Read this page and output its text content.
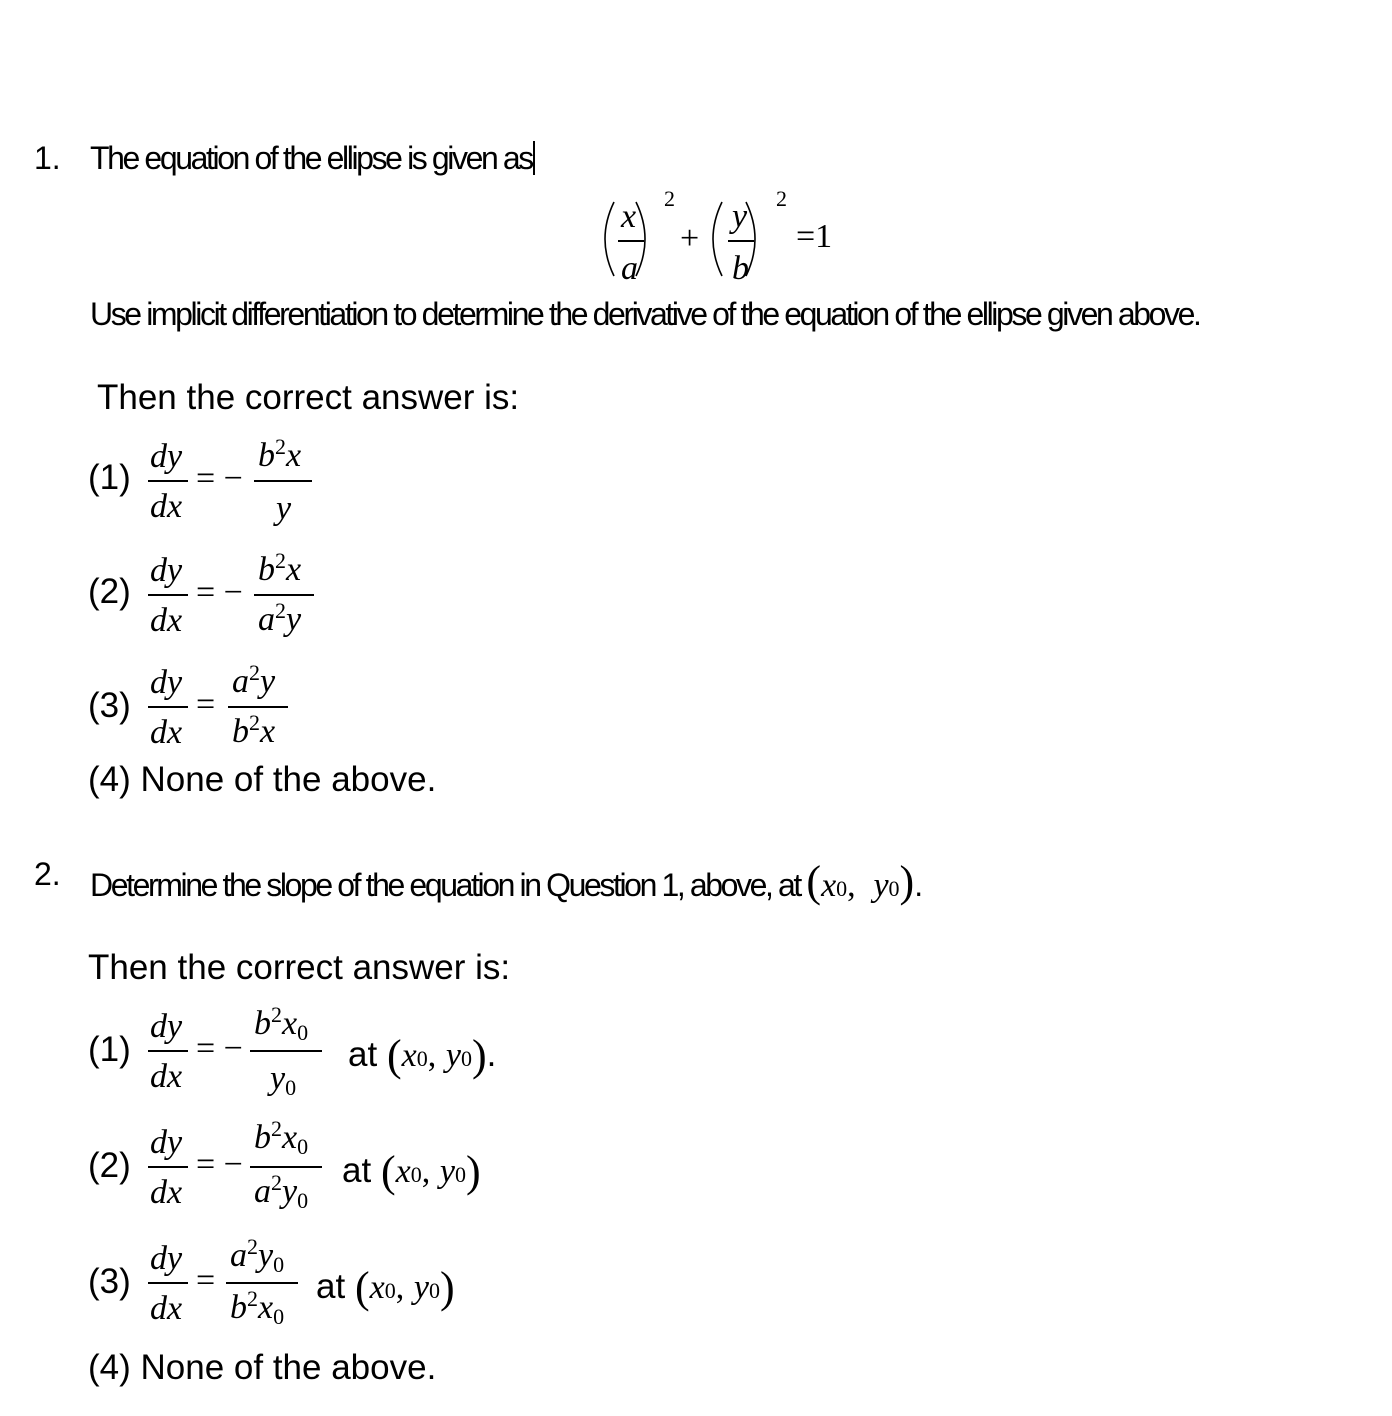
1. The equation of the ellipse is given as
x
a
2
+
y
b
2
=1
Use implicit differentiation to determine the derivative of the equation of the ellipse given above.
Then the correct answer is:
(1)
dy
dx
= −
$b^2x$
y
(2)
dy
dx
= −
$b^2x$
$a^2y$
(3)
dy
dx
=
$a^2y$
$b^2x$
(4) None of the above.
2. Determine the slope of the equation in Question 1, above, at (x0, y0).
Then the correct answer is:
(1)
dy
dx
= −
$b^2x_0$
$y_0$
at (x0, y0).
(2)
dy
dx
= −
$b^2x_0$
$a^2y_0$
at (x0, y0)
(3)
dy
dx
=
$a^2y_0$
$b^2x_0$
at (x0, y0)
(4) None of the above.
